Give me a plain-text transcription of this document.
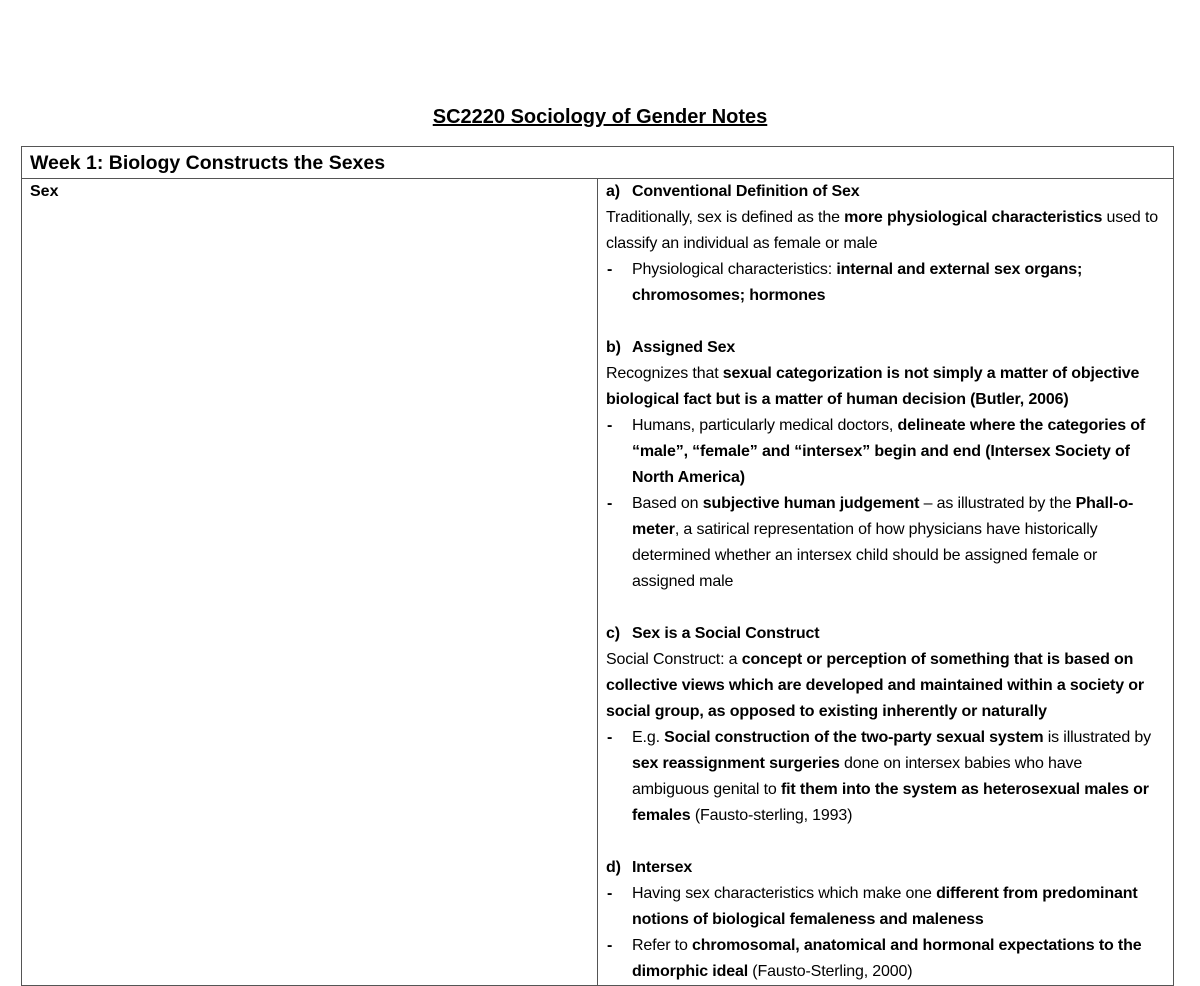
SC2220 Sociology of Gender Notes
Week 1: Biology Constructs the Sexes
Sex	a) Conventional Definition of Sex
Traditionally, sex is defined as the more physiological characteristics used to classify an individual as female or male
-	Physiological characteristics: internal and external sex organs; chromosomes; hormones
b) Assigned Sex
Recognizes that sexual categorization is not simply a matter of objective biological fact but is a matter of human decision (Butler, 2006)
-	Humans, particularly medical doctors, delineate where the categories of “male”, “female” and “intersex” begin and end (Intersex Society of North America)
-	Based on subjective human judgement – as illustrated by the Phall-o-meter, a satirical representation of how physicians have historically determined whether an intersex child should be assigned female or assigned male
c) Sex is a Social Construct
Social Construct: a concept or perception of something that is based on collective views which are developed and maintained within a society or social group, as opposed to existing inherently or naturally
-	E.g. Social construction of the two-party sexual system is illustrated by sex reassignment surgeries done on intersex babies who have ambiguous genital to fit them into the system as heterosexual males or females (Fausto-sterling, 1993)
d) Intersex
-	Having sex characteristics which make one different from predominant notions of biological femaleness and maleness
-	Refer to chromosomal, anatomical and hormonal expectations to the dimorphic ideal (Fausto-Sterling, 2000)
